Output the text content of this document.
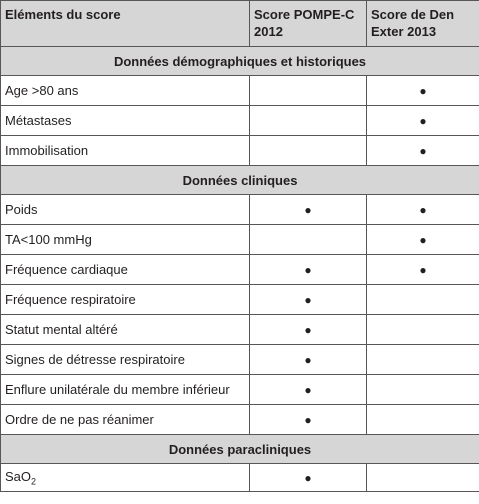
Eléments du score	Score POMPE-C 2012	Score de Den Exter 2013
Données démographiques et historiques		
Age >80 ans		●
Métastases		●
Immobilisation		●
Données cliniques		
Poids	●	●
TA<100 mmHg		●
Fréquence cardiaque	●	●
Fréquence respiratoire	●	
Statut mental altéré	●	
Signes de détresse respiratoire	●	
Enflure unilatérale du membre inférieur	●	
Ordre de ne pas réanimer	●	
Données paracliniques		
SaO$_2$	●	
